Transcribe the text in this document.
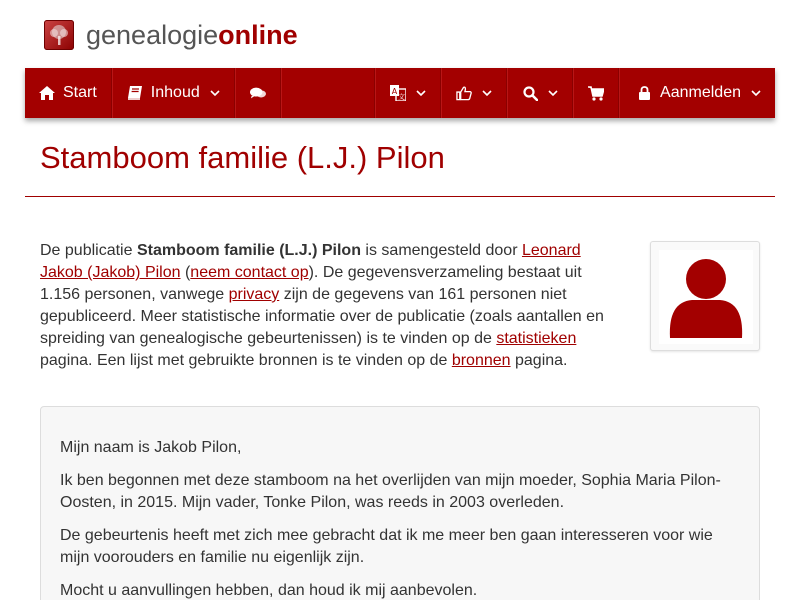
genealogieonline
Start	Inhoud	A
文	Aanmelden
Stamboom familie (L.J.) Pilon

De publicatie Stamboom familie (L.J.) Pilon is samengesteld door Leonard Jakob (Jakob) Pilon (neem contact op). De gegevensverzameling bestaat uit 1.156 personen, vanwege privacy zijn de gegevens van 161 personen niet gepubliceerd. Meer statistische informatie over de publicatie (zoals aantallen en spreiding van genealogische gebeurtenissen) is te vinden op de statistieken pagina. Een lijst met gebruikte bronnen is te vinden op de bronnen pagina.

Mijn naam is Jakob Pilon,

Ik ben begonnen met deze stamboom na het overlijden van mijn moeder, Sophia Maria Pilon-Oosten, in 2015. Mijn vader, Tonke Pilon, was reeds in 2003 overleden.

De gebeurtenis heeft met zich mee gebracht dat ik me meer ben gaan interesseren voor wie mijn voorouders en familie nu eigenlijk zijn.

Mocht u aanvullingen hebben, dan houd ik mij aanbevolen.
